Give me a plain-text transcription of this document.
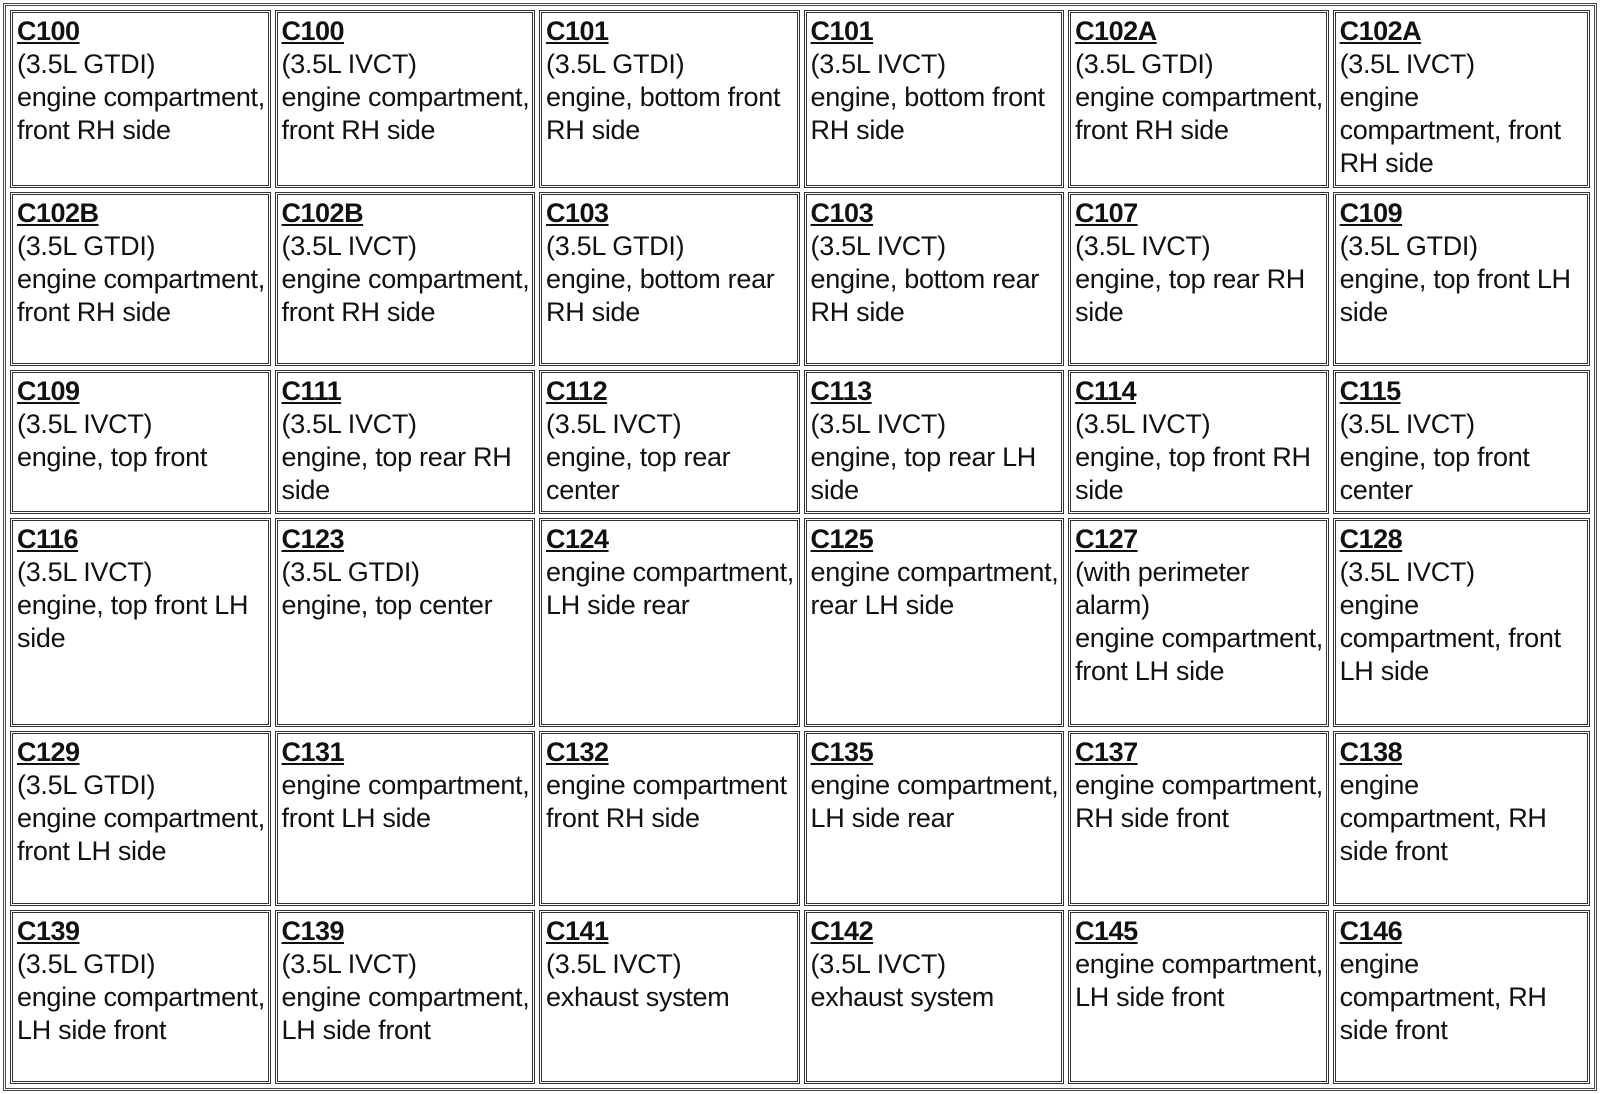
C100
(3.5L GTDI)
engine compartment, front RH side	C100
(3.5L IVCT)
engine compartment, front RH side	C101
(3.5L GTDI)
engine, bottom front RH side	C101
(3.5L IVCT)
engine, bottom front RH side	C102A
(3.5L GTDI)
engine compartment, front RH side	C102A
(3.5L IVCT)
engine compartment, front RH side

C102B
(3.5L GTDI)
engine compartment, front RH side	C102B
(3.5L IVCT)
engine compartment, front RH side	C103
(3.5L GTDI)
engine, bottom rear RH side	C103
(3.5L IVCT)
engine, bottom rear RH side	C107
(3.5L IVCT)
engine, top rear RH side	C109
(3.5L GTDI)
engine, top front LH side

C109
(3.5L IVCT)
engine, top front	C111
(3.5L IVCT)
engine, top rear RH side	C112
(3.5L IVCT)
engine, top rear center	C113
(3.5L IVCT)
engine, top rear LH side	C114
(3.5L IVCT)
engine, top front RH side	C115
(3.5L IVCT)
engine, top front center

C116
(3.5L IVCT)
engine, top front LH side	C123
(3.5L GTDI)
engine, top center	C124
engine compartment, LH side rear	C125
engine compartment, rear LH side	C127
(with perimeter alarm)
engine compartment, front LH side	C128
(3.5L IVCT)
engine compartment, front LH side

C129
(3.5L GTDI)
engine compartment, front LH side	C131
engine compartment, front LH side	C132
engine compartment front RH side	C135
engine compartment, LH side rear	C137
engine compartment, RH side front	C138
engine compartment, RH side front

C139
(3.5L GTDI)
engine compartment, LH side front	C139
(3.5L IVCT)
engine compartment, LH side front	C141
(3.5L IVCT)
exhaust system	C142
(3.5L IVCT)
exhaust system	C145
engine compartment, LH side front	C146
engine compartment, RH side front
